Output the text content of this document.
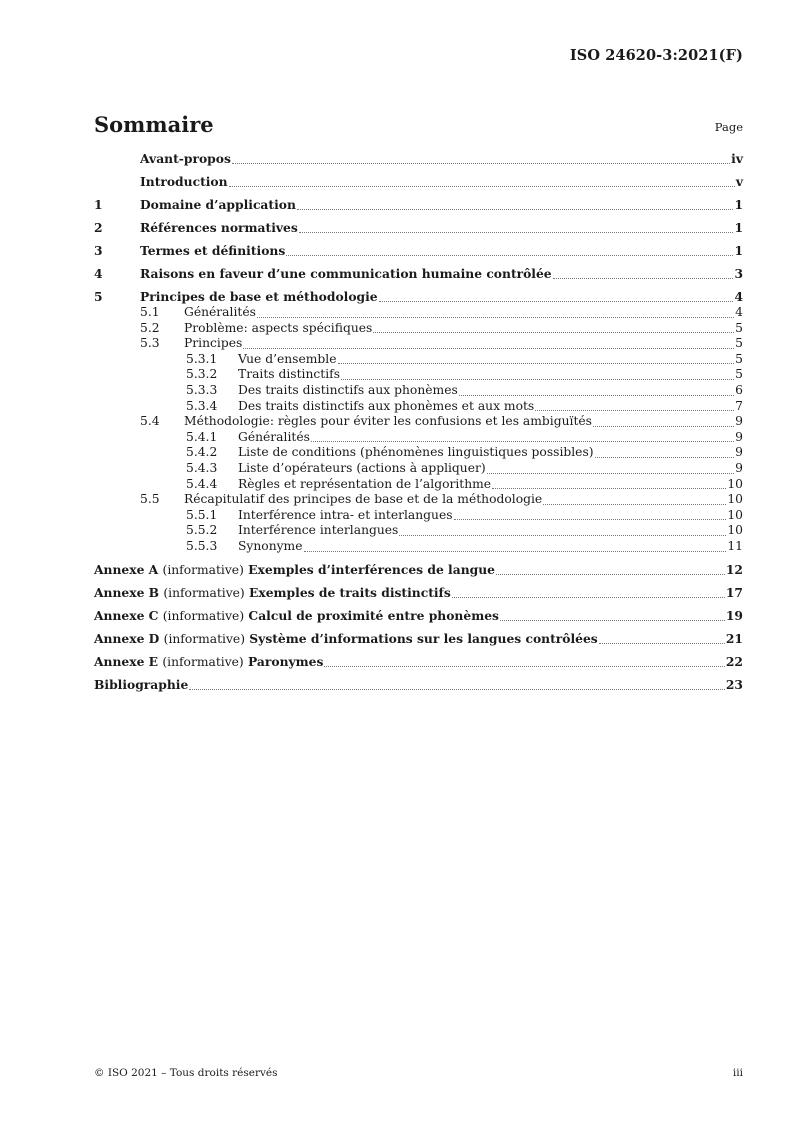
ISO 24620-3:2021(F)
Sommaire	Page
Avant-propos	iv
Introduction	v
1	Domaine d’application	1
2	Références normatives	1
3	Termes et définitions	1
4	Raisons en faveur d’une communication humaine contrôlée	3
5	Principes de base et méthodologie	4
5.1	Généralités	4
5.2	Problème: aspects spécifiques	5
5.3	Principes	5
5.3.1	Vue d’ensemble	5
5.3.2	Traits distinctifs	5
5.3.3	Des traits distinctifs aux phonèmes	6
5.3.4	Des traits distinctifs aux phonèmes et aux mots	7
5.4	Méthodologie: règles pour éviter les confusions et les ambiguïtés	9
5.4.1	Généralités	9
5.4.2	Liste de conditions (phénomènes linguistiques possibles)	9
5.4.3	Liste d’opérateurs (actions à appliquer)	9
5.4.4	Règles et représentation de l’algorithme	10
5.5	Récapitulatif des principes de base et de la méthodologie	10
5.5.1	Interférence intra- et interlangues	10
5.5.2	Interférence interlangues	10
5.5.3	Synonyme	11
Annexe A (informative) Exemples d’interférences de langue	12
Annexe B (informative) Exemples de traits distinctifs	17
Annexe C (informative) Calcul de proximité entre phonèmes	19
Annexe D (informative) Système d’informations sur les langues contrôlées	21
Annexe E (informative) Paronymes	22
Bibliographie	23
© ISO 2021 – Tous droits réservés	iii
